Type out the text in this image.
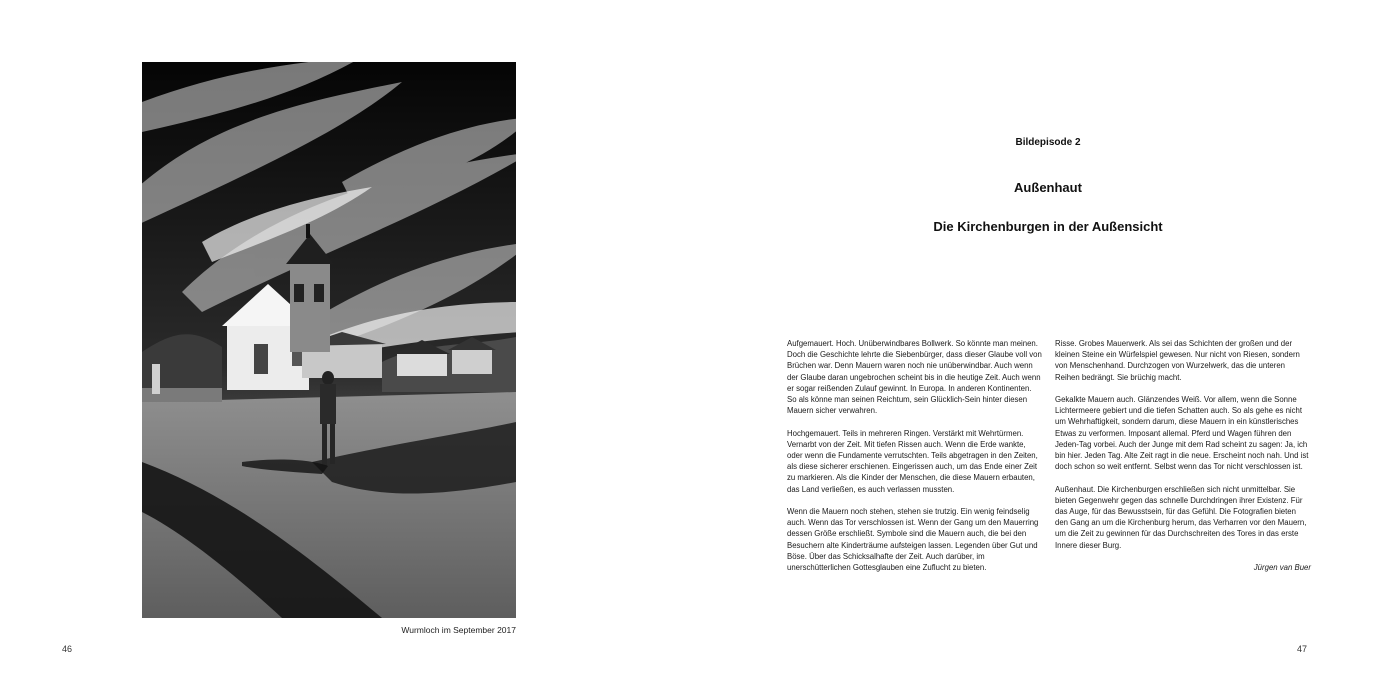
Wurmloch im September 2017
46
Bildepisode 2
Außenhaut
Die Kirchenburgen in der Außensicht

Aufgemauert. Hoch. Unüberwindbares Bollwerk. So könnte man meinen. Doch die Geschichte lehrte die Siebenbürger, dass dieser Glaube voll von Brüchen war. Denn Mauern waren noch nie unüberwindbar. Auch wenn der Glaube daran ungebrochen scheint bis in die heutige Zeit. Auch wenn er sogar reißenden Zulauf gewinnt. In Europa. In anderen Kontinenten. So als könne man seinen Reichtum, sein Glücklich-Sein hinter diesen Mauern sicher verwahren.

Hochgemauert. Teils in mehreren Ringen. Verstärkt mit Wehrtürmen. Vernarbt von der Zeit. Mit tiefen Rissen auch. Wenn die Erde wankte, oder wenn die Fundamente verrutschten. Teils abgetragen in den Zeiten, als diese sicherer erschienen. Eingerissen auch, um das Ende einer Zeit zu markieren. Als die Kinder der Menschen, die diese Mauern erbauten, das Land verließen, es auch verlassen mussten.

Wenn die Mauern noch stehen, stehen sie trutzig. Ein wenig feindselig auch. Wenn das Tor verschlossen ist. Wenn der Gang um den Mauerring dessen Größe erschließt. Symbole sind die Mauern auch, die bei den Besuchern alte Kinderträume aufsteigen lassen. Legenden über Gut und Böse. Über das Schicksalhafte der Zeit. Auch darüber, im unerschütterlichen Gottesglauben eine Zuflucht zu bieten.

Risse. Grobes Mauerwerk. Als sei das Schichten der großen und der kleinen Steine ein Würfelspiel gewesen. Nur nicht von Riesen, sondern von Menschenhand. Durchzogen von Wurzelwerk, das die unteren Reihen bedrängt. Sie brüchig macht.

Gekalkte Mauern auch. Glänzendes Weiß. Vor allem, wenn die Sonne Lichtermeere gebiert und die tiefen Schatten auch. So als gehe es nicht um Wehrhaftigkeit, sondern darum, diese Mauern in ein künstlerisches Etwas zu verformen. Imposant allemal. Pferd und Wagen führen den Jeden-Tag vorbei. Auch der Junge mit dem Rad scheint zu sagen: Ja, ich bin hier. Jeden Tag. Alte Zeit ragt in die neue. Erscheint noch nah. Und ist doch schon so weit entfernt. Selbst wenn das Tor nicht verschlossen ist.

Außenhaut. Die Kirchenburgen erschließen sich nicht unmittelbar. Sie bieten Gegenwehr gegen das schnelle Durchdringen ihrer Existenz. Für das Auge, für das Bewusstsein, für das Gefühl. Die Fotografien bieten den Gang an um die Kirchenburg herum, das Verharren vor den Mauern, um die Zeit zu gewinnen für das Durchschreiten des Tores in das erste Innere dieser Burg.

Jürgen van Buer

47
